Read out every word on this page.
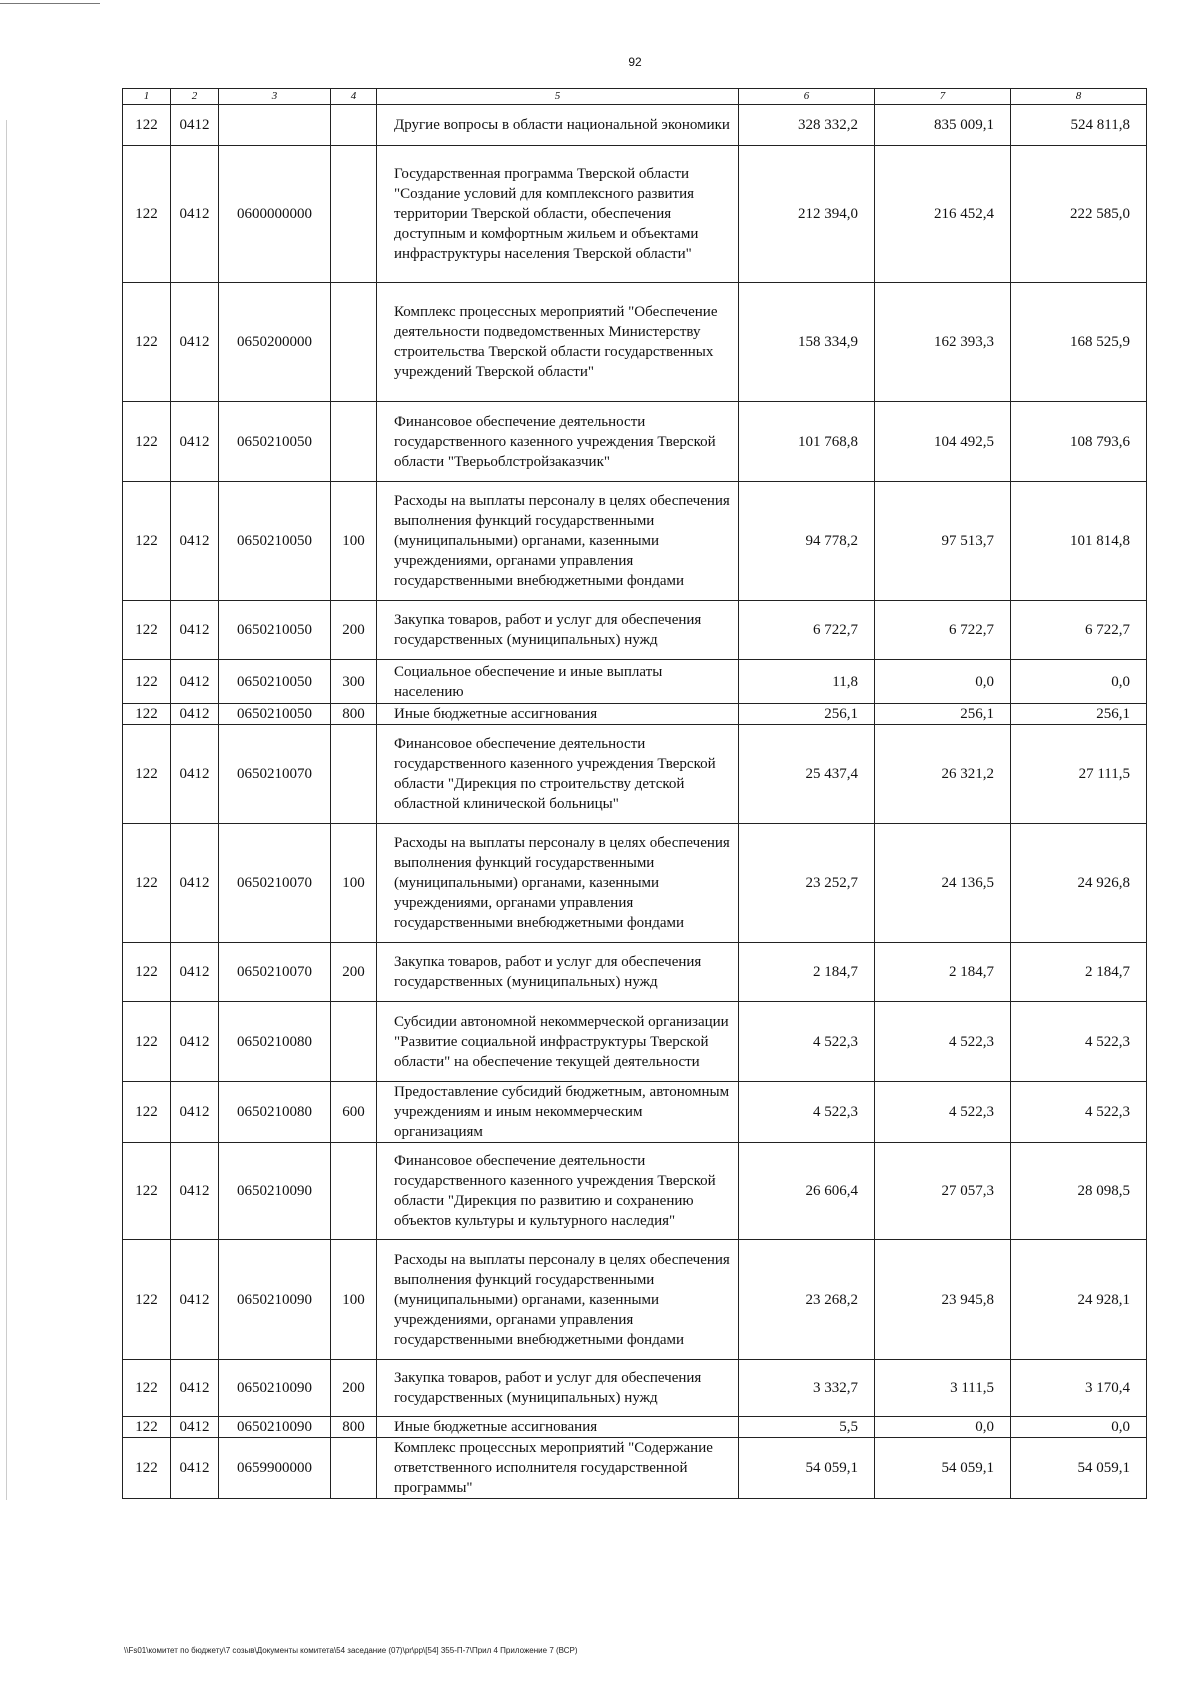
92
1	2	3	4	5	6	7	8
122	0412			Другие вопросы в области национальной экономики	328 332,2	835 009,1	524 811,8
122	0412	0600000000		Государственная программа Тверской области "Создание условий для комплексного развития территории Тверской области, обеспечения доступным и комфортным жильем и объектами инфраструктуры населения Тверской области"	212 394,0	216 452,4	222 585,0
122	0412	0650200000		Комплекс процессных мероприятий "Обеспечение деятельности подведомственных Министерству строительства Тверской области государственных учреждений Тверской области"	158 334,9	162 393,3	168 525,9
122	0412	0650210050		Финансовое обеспечение деятельности государственного казенного учреждения Тверской области "Тверьоблстройзаказчик"	101 768,8	104 492,5	108 793,6
122	0412	0650210050	100	Расходы на выплаты персоналу в целях обеспечения выполнения функций государственными (муниципальными) органами, казенными учреждениями, органами управления государственными внебюджетными фондами	94 778,2	97 513,7	101 814,8
122	0412	0650210050	200	Закупка товаров, работ и услуг для обеспечения государственных (муниципальных) нужд	6 722,7	6 722,7	6 722,7
122	0412	0650210050	300	Социальное обеспечение и иные выплаты населению	11,8	0,0	0,0
122	0412	0650210050	800	Иные бюджетные ассигнования	256,1	256,1	256,1
122	0412	0650210070		Финансовое обеспечение деятельности государственного казенного учреждения Тверской области "Дирекция по строительству детской областной клинической больницы"	25 437,4	26 321,2	27 111,5
122	0412	0650210070	100	Расходы на выплаты персоналу в целях обеспечения выполнения функций государственными (муниципальными) органами, казенными учреждениями, органами управления государственными внебюджетными фондами	23 252,7	24 136,5	24 926,8
122	0412	0650210070	200	Закупка товаров, работ и услуг для обеспечения государственных (муниципальных) нужд	2 184,7	2 184,7	2 184,7
122	0412	0650210080		Субсидии автономной некоммерческой организации "Развитие социальной инфраструктуры Тверской области" на обеспечение текущей деятельности	4 522,3	4 522,3	4 522,3
122	0412	0650210080	600	Предоставление субсидий бюджетным, автономным учреждениям и иным некоммерческим организациям	4 522,3	4 522,3	4 522,3
122	0412	0650210090		Финансовое обеспечение деятельности государственного казенного учреждения Тверской области "Дирекция по развитию и сохранению объектов культуры и культурного наследия"	26 606,4	27 057,3	28 098,5
122	0412	0650210090	100	Расходы на выплаты персоналу в целях обеспечения выполнения функций государственными (муниципальными) органами, казенными учреждениями, органами управления государственными внебюджетными фондами	23 268,2	23 945,8	24 928,1
122	0412	0650210090	200	Закупка товаров, работ и услуг для обеспечения государственных (муниципальных) нужд	3 332,7	3 111,5	3 170,4
122	0412	0650210090	800	Иные бюджетные ассигнования	5,5	0,0	0,0
122	0412	0659900000		Комплекс процессных мероприятий "Содержание ответственного исполнителя государственной программы"	54 059,1	54 059,1	54 059,1
\\Fs01\комитет по бюджету\7 созыв\Документы комитета\54 заседание (07)\pr\pp\[54] 355-П-7\Прил 4 Приложение 7 (ВСР)
